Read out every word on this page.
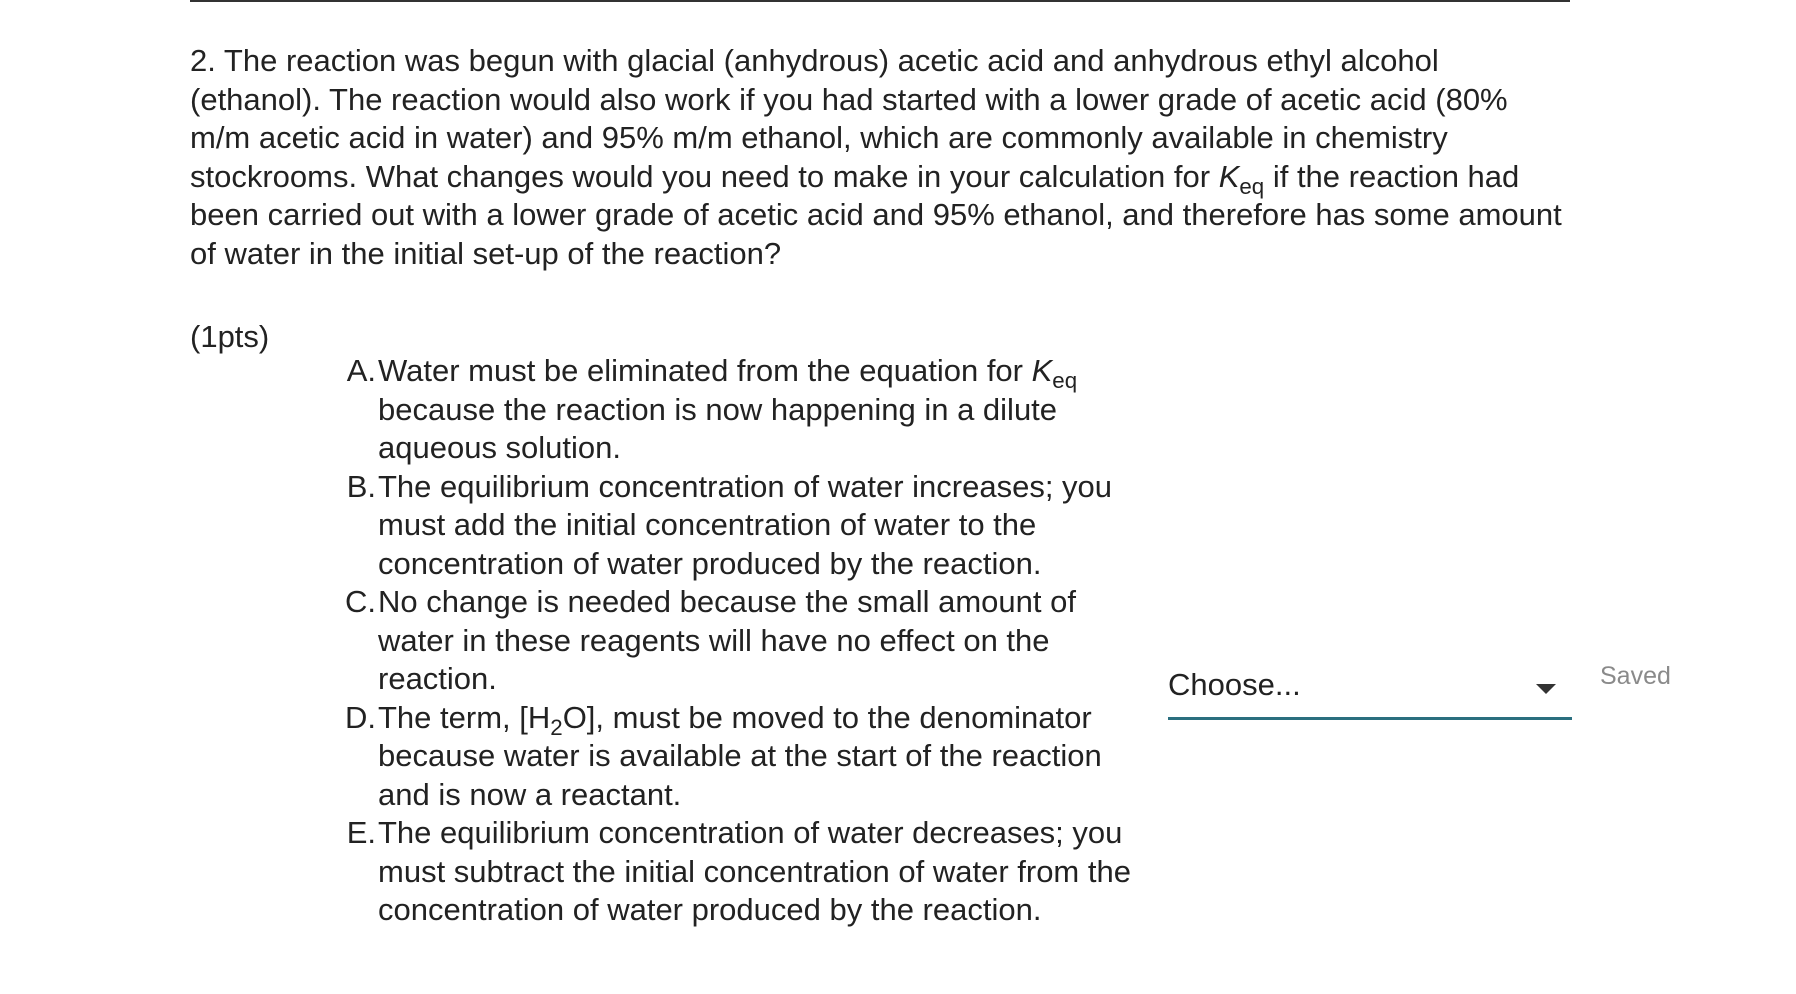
2. The reaction was begun with glacial (anhydrous) acetic acid and anhydrous ethyl alcohol (ethanol). The reaction would also work if you had started with a lower grade of acetic acid (80% m/m acetic acid in water) and 95% m/m ethanol, which are commonly available in chemistry stockrooms. What changes would you need to make in your calculation for $K_{eq}$ if the reaction had been carried out with a lower grade of acetic acid and 95% ethanol, and therefore has some amount of water in the initial set-up of the reaction?

(1pts)
A. Water must be eliminated from the equation for $K_{eq}$ because the reaction is now happening in a dilute aqueous solution.
B. The equilibrium concentration of water increases; you must add the initial concentration of water to the concentration of water produced by the reaction.
C. No change is needed because the small amount of water in these reagents will have no effect on the reaction.
D. The term, $[H_2O]$, must be moved to the denominator because water is available at the start of the reaction and is now a reactant.
E. The equilibrium concentration of water decreases; you must subtract the initial concentration of water from the concentration of water produced by the reaction.
Choose...	Saved
